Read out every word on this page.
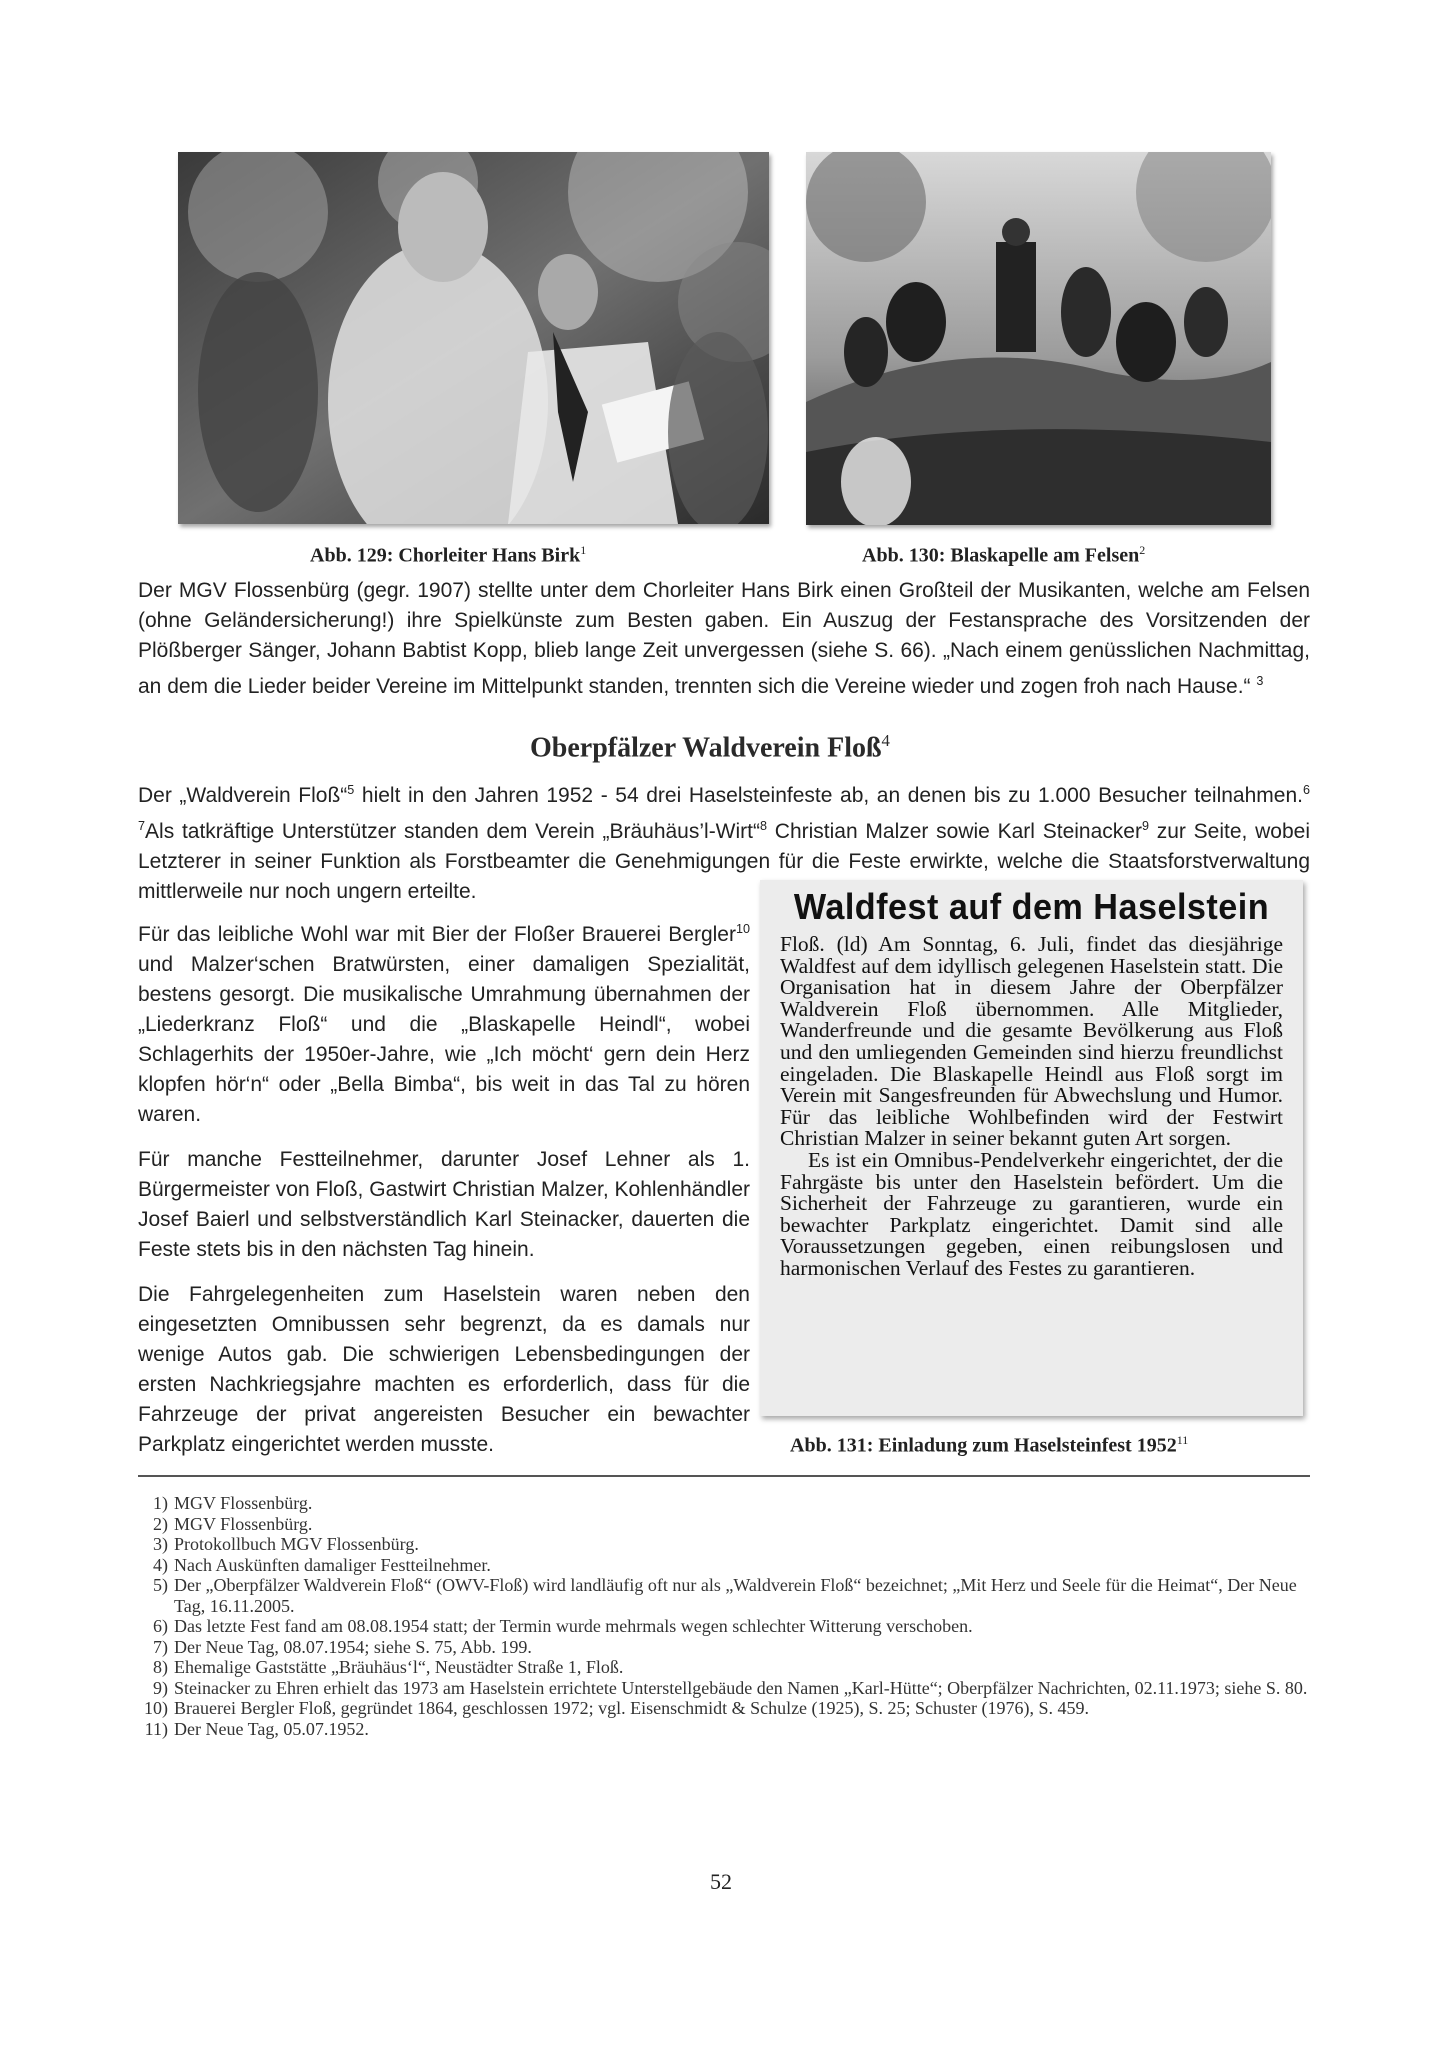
Abb. 129: Chorleiter Hans Birk$^1$	Abb. 130: Blaskapelle am Felsen$^2$

Der MGV Flossenbürg (gegr. 1907) stellte unter dem Chorleiter Hans Birk einen Großteil der Musikanten, welche am Felsen (ohne Geländersicherung!) ihre Spielkünste zum Besten gaben. Ein Auszug der Festansprache des Vorsitzenden der Plößberger Sänger, Johann Babtist Kopp, blieb lange Zeit unvergessen (siehe S. 66). „Nach einem genüsslichen Nachmittag, an dem die Lieder beider Vereine im Mittelpunkt standen, trennten sich die Vereine wieder und zogen froh nach Hause.“ $^3$

Oberpfälzer Waldverein Floß$^4$

Der „Waldverein Floß“$^5$ hielt in den Jahren 1952 - 54 drei Haselsteinfeste ab, an denen bis zu 1.000 Besucher teilnahmen.$^{6 7}$Als tatkräftige Unterstützer standen dem Verein „Bräuhäus’l-Wirt“$^8$ Christian Malzer sowie Karl Steinacker$^9$ zur Seite, wobei Letzterer in seiner Funktion als Forstbeamter die Genehmigungen für die Feste erwirkte, welche die Staatsforstverwaltung mittlerweile nur noch ungern erteilte.

Für das leibliche Wohl war mit Bier der Floßer Brauerei Bergler$^{10}$ und Malzer‘schen Bratwürsten, einer damaligen Spezialität, bestens gesorgt. Die musikalische Umrahmung übernahmen der „Liederkranz Floß“ und die „Blaskapelle Heindl“, wobei Schlagerhits der 1950er-Jahre, wie „Ich möcht‘ gern dein Herz klopfen hör‘n“ oder „Bella Bimba“, bis weit in das Tal zu hören waren.

Für manche Festteilnehmer, darunter Josef Lehner als 1. Bürgermeister von Floß, Gastwirt Christian Malzer, Kohlenhändler Josef Baierl und selbstverständlich Karl Steinacker, dauerten die Feste stets bis in den nächsten Tag hinein.

Die Fahrgelegenheiten zum Haselstein waren neben den eingesetzten Omnibussen sehr begrenzt, da es damals nur wenige Autos gab. Die schwierigen Lebensbedingungen der ersten Nachkriegsjahre machten es erforderlich, dass für die Fahrzeuge der privat angereisten Besucher ein bewachter Parkplatz eingerichtet werden musste.

Waldfest auf dem Haselstein

Floß. (ld) Am Sonntag, 6. Juli, findet das diesjährige Waldfest auf dem idyllisch gelegenen Haselstein statt. Die Organisation hat in diesem Jahre der Oberpfälzer Waldverein Floß übernommen. Alle Mitglieder, Wanderfreunde und die gesamte Bevölkerung aus Floß und den umliegenden Gemeinden sind hierzu freundlichst eingeladen. Die Blaskapelle Heindl aus Floß sorgt im Verein mit Sangesfreunden für Abwechslung und Humor. Für das leibliche Wohlbefinden wird der Festwirt Christian Malzer in seiner bekannt guten Art sorgen.

Es ist ein Omnibus-Pendelverkehr eingerichtet, der die Fahrgäste bis unter den Haselstein befördert. Um die Sicherheit der Fahrzeuge zu garantieren, wurde ein bewachter Parkplatz eingerichtet. Damit sind alle Voraussetzungen gegeben, einen reibungslosen und harmonischen Verlauf des Festes zu garantieren.

Abb. 131: Einladung zum Haselsteinfest 1952$^{11}$
1) MGV Flossenbürg.
2) MGV Flossenbürg.
3) Protokollbuch MGV Flossenbürg.
4) Nach Auskünften damaliger Festteilnehmer.
5) Der „Oberpfälzer Waldverein Floß“ (OWV-Floß) wird landläufig oft nur als „Waldverein Floß“ bezeichnet; „Mit Herz und Seele für die Heimat“, Der Neue Tag, 16.11.2005.
6) Das letzte Fest fand am 08.08.1954 statt; der Termin wurde mehrmals wegen schlechter Witterung verschoben.
7) Der Neue Tag, 08.07.1954; siehe S. 75, Abb. 199.
8) Ehemalige Gaststätte „Bräuhäus‘l“, Neustädter Straße 1, Floß.
9) Steinacker zu Ehren erhielt das 1973 am Haselstein errichtete Unterstellgebäude den Namen „Karl-Hütte“; Oberpfälzer Nachrichten, 02.11.1973; siehe S. 80.
10) Brauerei Bergler Floß, gegründet 1864, geschlossen 1972; vgl. Eisenschmidt & Schulze (1925), S. 25; Schuster (1976), S. 459.
11) Der Neue Tag, 05.07.1952.
52
